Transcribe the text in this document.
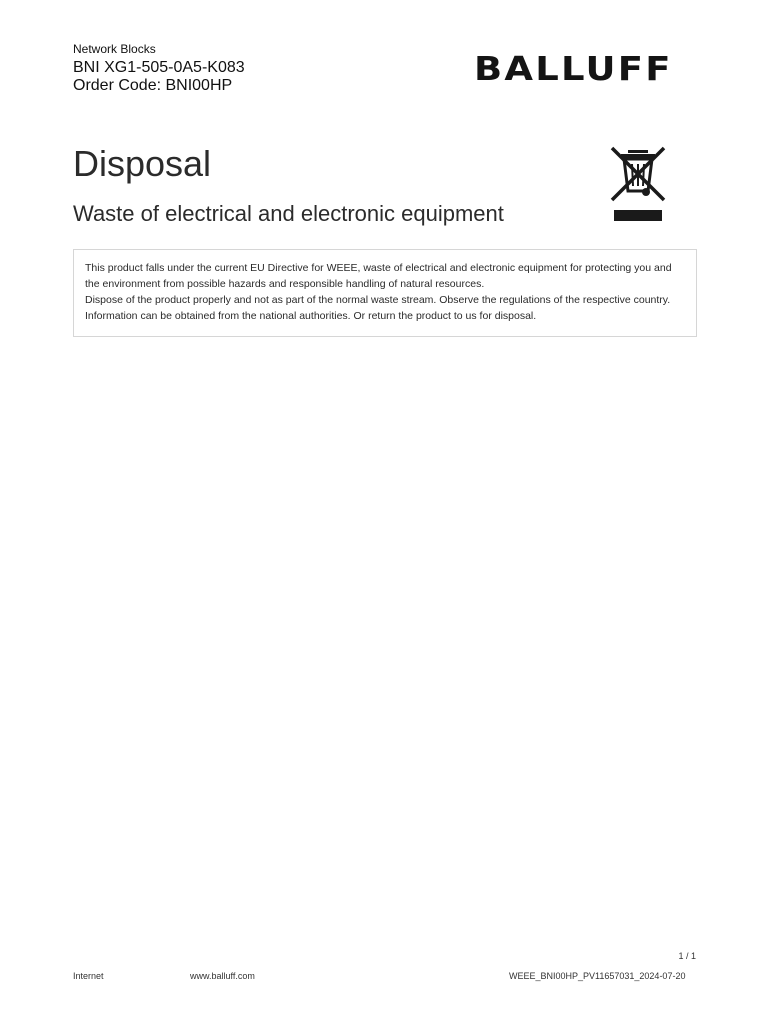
Network Blocks
BNI XG1-505-0A5-K083
Order Code: BNI00HP	BALLUFF
Disposal
Waste of electrical and electronic equipment

This product falls under the current EU Directive for WEEE, waste of electrical and electronic equipment for protecting you and the environment from possible hazards and responsible handling of natural resources.

Dispose of the product properly and not as part of the normal waste stream. Observe the regulations of the respective country. Information can be obtained from the national authorities. Or return the product to us for disposal.

1 / 1
Internet	www.balluff.com	WEEE_BNI00HP_PV11657031_2024-07-20
